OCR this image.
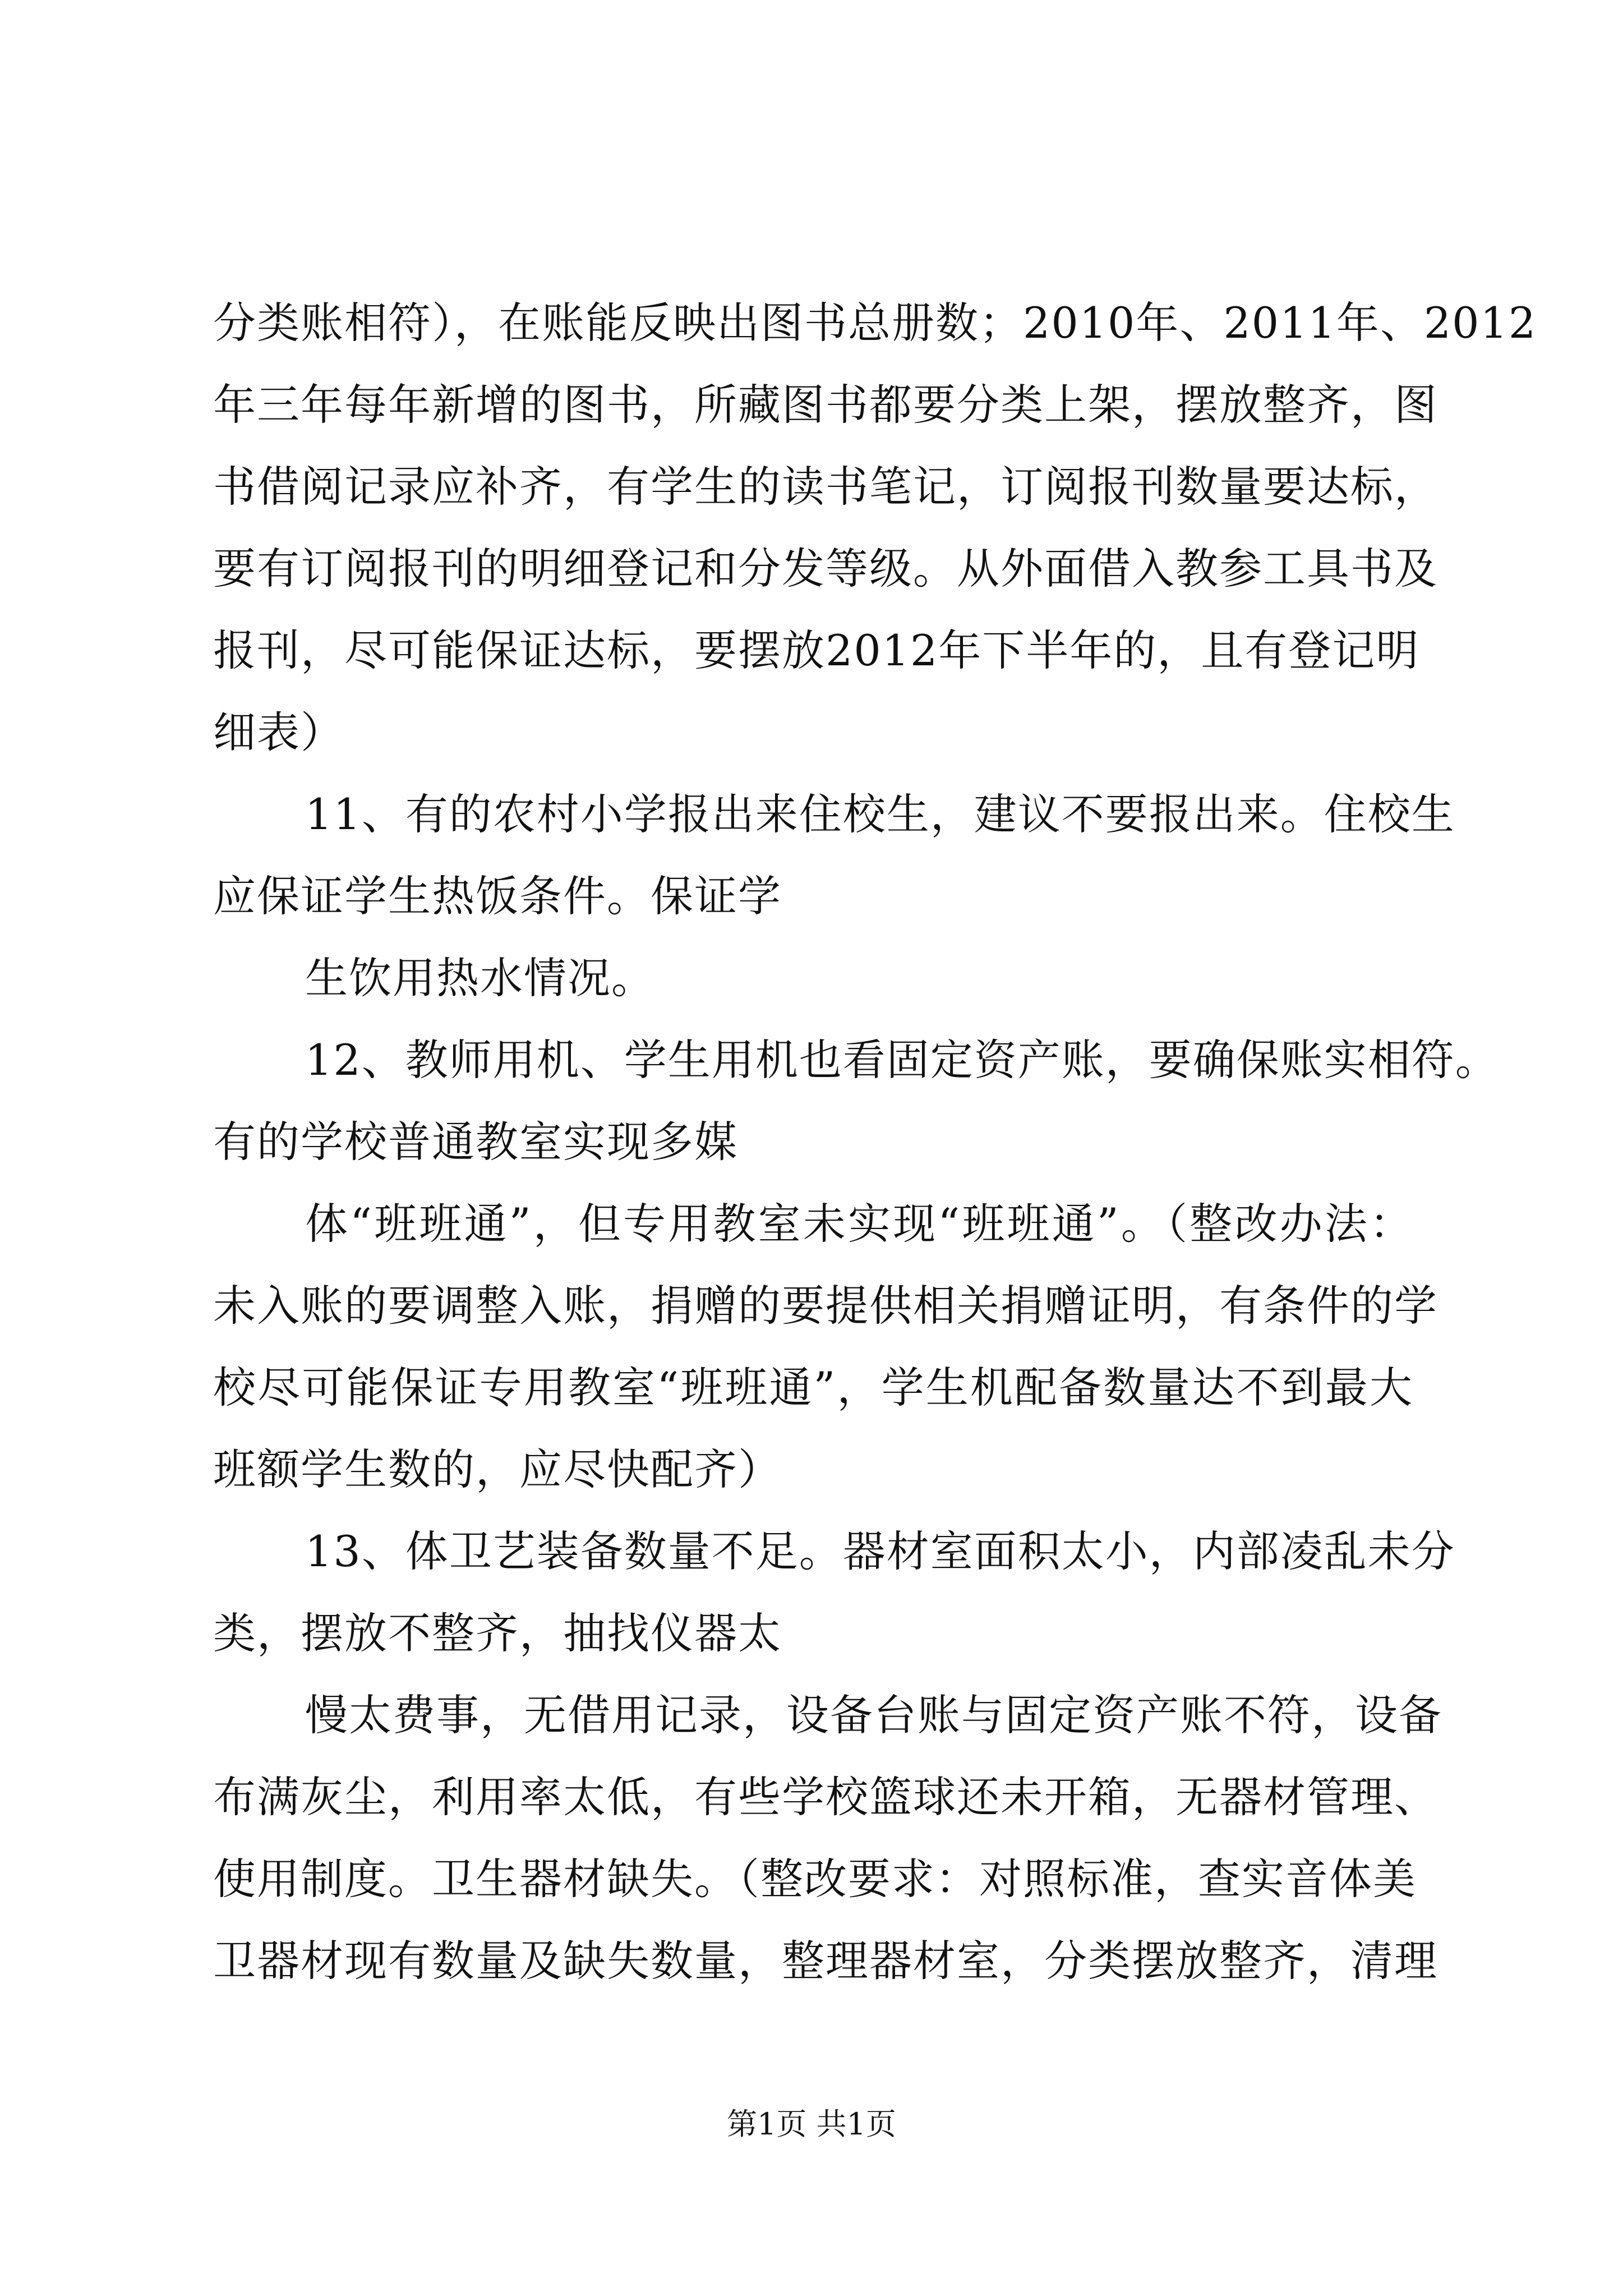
分类账相符），在账能反映出图书总册数；2010年、2011年、2012
年三年每年新增的图书，所藏图书都要分类上架，摆放整齐，图
书借阅记录应补齐，有学生的读书笔记，订阅报刊数量要达标，
要有订阅报刊的明细登记和分发等级。从外面借入教参工具书及
报刊，尽可能保证达标，要摆放2012年下半年的，且有登记明
细表）
11、有的农村小学报出来住校生，建议不要报出来。住校生
应保证学生热饭条件。保证学
生饮用热水情况。
12、教师用机、学生用机也看固定资产账，要确保账实相符。
有的学校普通教室实现多媒
体“班班通”，但专用教室未实现“班班通”。（整改办法：
未入账的要调整入账，捐赠的要提供相关捐赠证明，有条件的学
校尽可能保证专用教室“班班通”，学生机配备数量达不到最大
班额学生数的，应尽快配齐）
13、体卫艺装备数量不足。器材室面积太小，内部凌乱未分
类，摆放不整齐，抽找仪器太
慢太费事，无借用记录，设备台账与固定资产账不符，设备
布满灰尘，利用率太低，有些学校篮球还未开箱，无器材管理、
使用制度。卫生器材缺失。（整改要求：对照标准，查实音体美
卫器材现有数量及缺失数量，整理器材室，分类摆放整齐，清理
第1页 共1页
